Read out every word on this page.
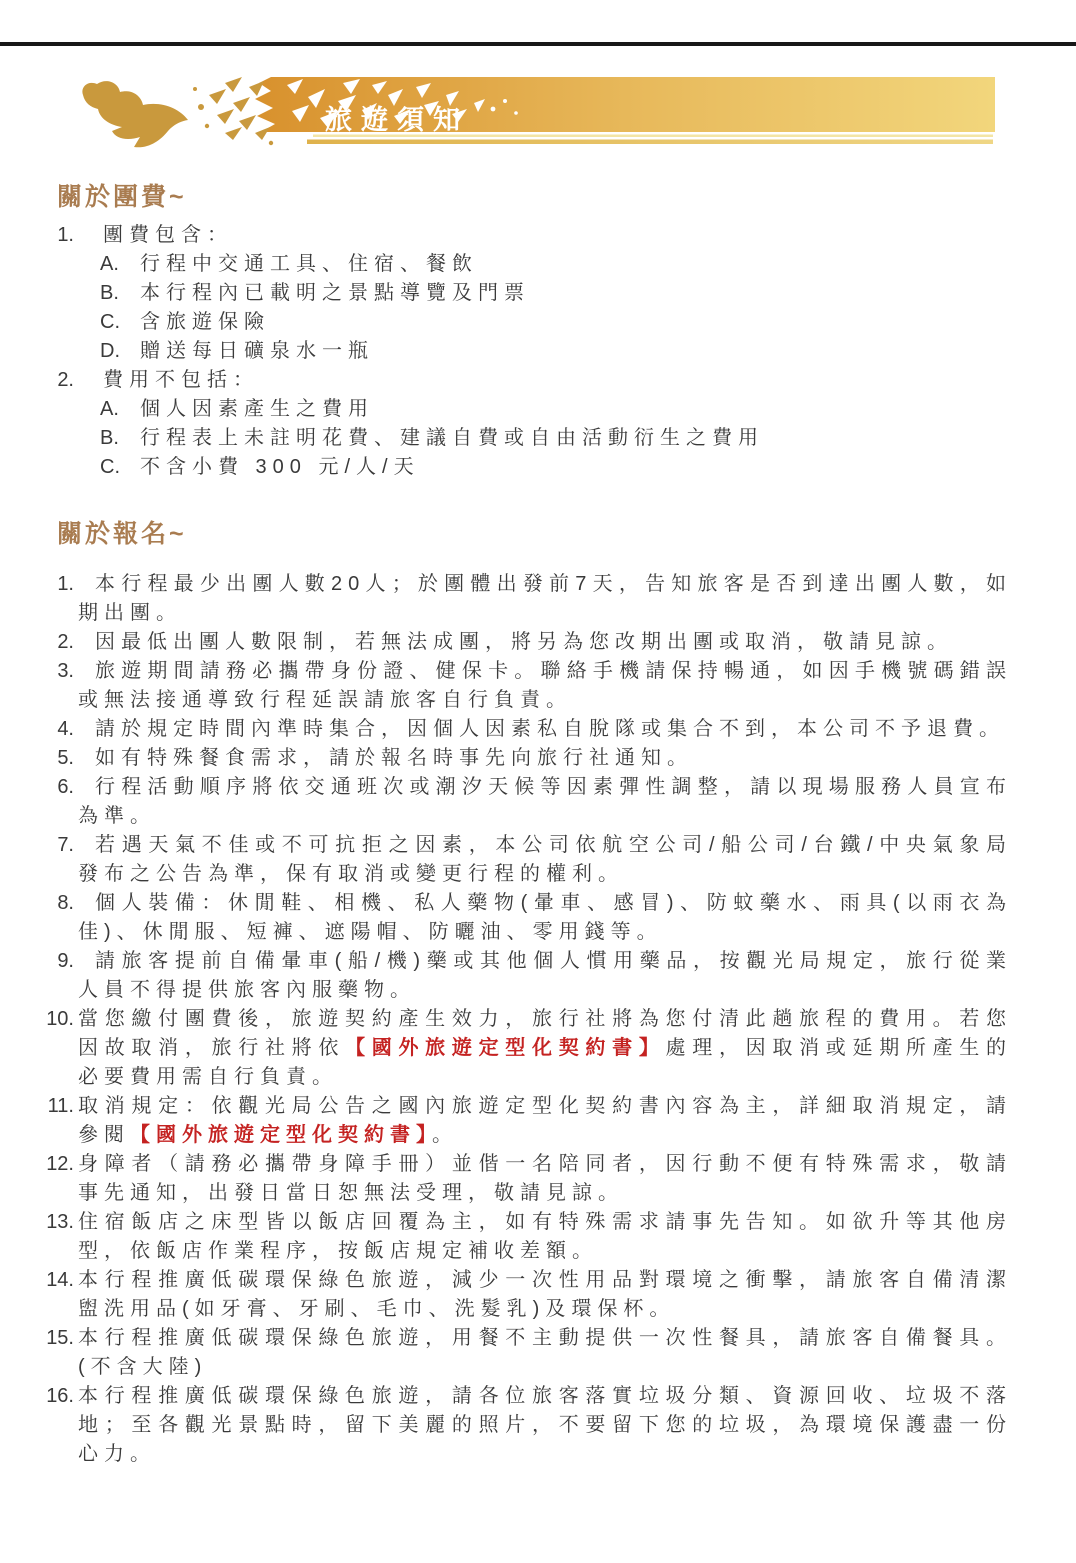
旅遊須知
關於團費~
1.	團費包含：
A. 行程中交通工具、住宿、餐飲
B. 本行程內已載明之景點導覽及門票
C. 含旅遊保險
D. 贈送每日礦泉水一瓶
2.	費用不包括：
A. 個人因素產生之費用
B. 行程表上未註明花費、建議自費或自由活動衍生之費用
C. 不含小費 300 元/人/天
關於報名~
1.	本行程最少出團人數20人；於團體出發前7天，告知旅客是否到達出團人數，如期出團。
2.	因最低出團人數限制，若無法成團，將另為您改期出團或取消，敬請見諒。
3.	旅遊期間請務必攜帶身份證、健保卡。聯絡手機請保持暢通，如因手機號碼錯誤或無法接通導致行程延誤請旅客自行負責。
4.	請於規定時間內準時集合，因個人因素私自脫隊或集合不到，本公司不予退費。
5.	如有特殊餐食需求，請於報名時事先向旅行社通知。
6.	行程活動順序將依交通班次或潮汐天候等因素彈性調整，請以現場服務人員宣布為準。
7.	若遇天氣不佳或不可抗拒之因素，本公司依航空公司/船公司/台鐵/中央氣象局發布之公告為準，保有取消或變更行程的權利。
8.	個人裝備：休閒鞋、相機、私人藥物(暈車、感冒)、防蚊藥水、雨具(以雨衣為佳)、休閒服、短褲、遮陽帽、防曬油、零用錢等。
9.	請旅客提前自備暈車(船/機)藥或其他個人慣用藥品，按觀光局規定，旅行從業人員不得提供旅客內服藥物。
10. 當您繳付團費後，旅遊契約產生效力，旅行社將為您付清此趟旅程的費用。若您因故取消，旅行社將依【國外旅遊定型化契約書】處理，因取消或延期所產生的必要費用需自行負責。
11. 取消規定：依觀光局公告之國內旅遊定型化契約書內容為主，詳細取消規定，請參閱【國外旅遊定型化契約書】。
12. 身障者（請務必攜帶身障手冊）並偕一名陪同者，因行動不便有特殊需求，敬請事先通知，出發日當日恕無法受理，敬請見諒。
13. 住宿飯店之床型皆以飯店回覆為主，如有特殊需求請事先告知。如欲升等其他房型，依飯店作業程序，按飯店規定補收差額。
14. 本行程推廣低碳環保綠色旅遊，減少一次性用品對環境之衝擊，請旅客自備清潔盥洗用品(如牙膏、牙刷、毛巾、洗髮乳)及環保杯。
15. 本行程推廣低碳環保綠色旅遊，用餐不主動提供一次性餐具，請旅客自備餐具。(不含大陸)
16. 本行程推廣低碳環保綠色旅遊，請各位旅客落實垃圾分類、資源回收、垃圾不落地；至各觀光景點時，留下美麗的照片，不要留下您的垃圾，為環境保護盡一份心力。
